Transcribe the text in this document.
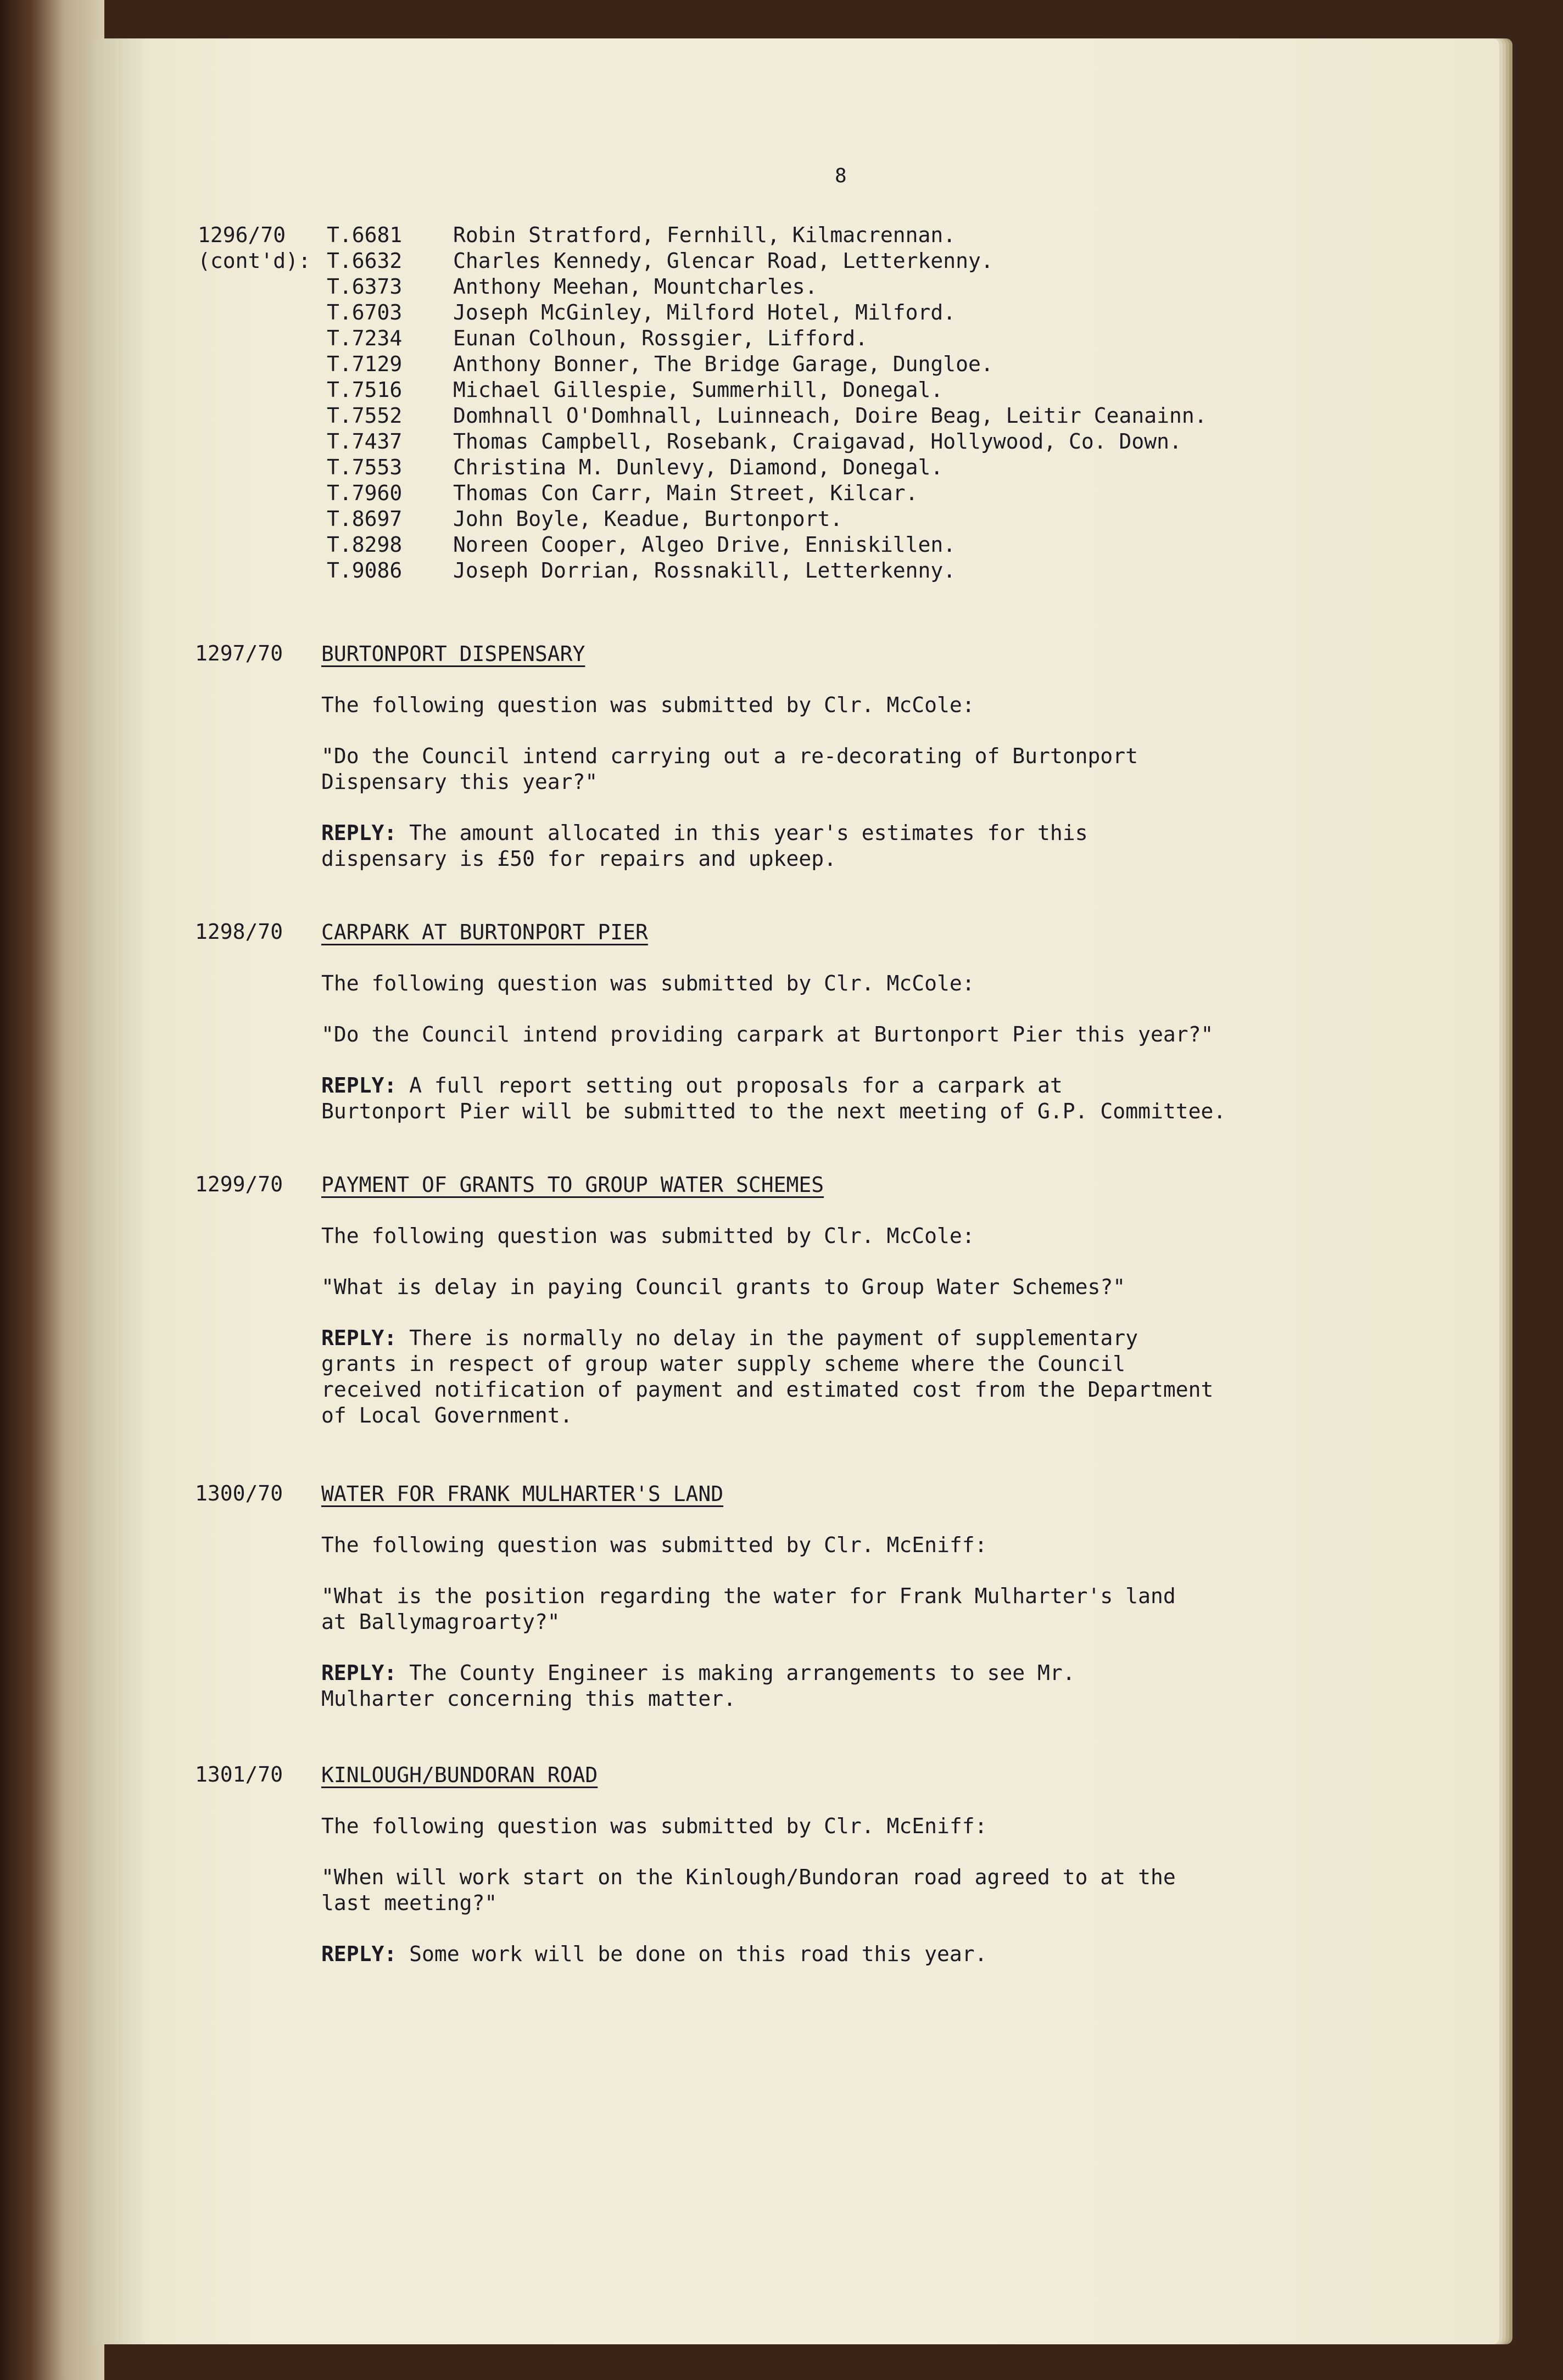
8
1296/70
(cont'd):
T.6681	Robin Stratford, Fernhill, Kilmacrennan.
T.6632	Charles Kennedy, Glencar Road, Letterkenny.
T.6373	Anthony Meehan, Mountcharles.
T.6703	Joseph McGinley, Milford Hotel, Milford.
T.7234	Eunan Colhoun, Rossgier, Lifford.
T.7129	Anthony Bonner, The Bridge Garage, Dungloe.
T.7516	Michael Gillespie, Summerhill, Donegal.
T.7552	Domhnall O'Domhnall, Luinneach, Doire Beag, Leitir Ceanainn.
T.7437	Thomas Campbell, Rosebank, Craigavad, Hollywood, Co. Down.
T.7553	Christina M. Dunlevy, Diamond, Donegal.
T.7960	Thomas Con Carr, Main Street, Kilcar.
T.8697	John Boyle, Keadue, Burtonport.
T.8298	Noreen Cooper, Algeo Drive, Enniskillen.
T.9086	Joseph Dorrian, Rossnakill, Letterkenny.
1297/70 BURTONPORT DISPENSARY
The following question was submitted by Clr. McCole:
"Do the Council intend carrying out a re-decorating of Burtonport
Dispensary this year?"
REPLY: The amount allocated in this year's estimates for this
dispensary is £50 for repairs and upkeep.
1298/70 CARPARK AT BURTONPORT PIER
The following question was submitted by Clr. McCole:
"Do the Council intend providing carpark at Burtonport Pier this year?"
REPLY: A full report setting out proposals for a carpark at
Burtonport Pier will be submitted to the next meeting of G.P. Committee.
1299/70 PAYMENT OF GRANTS TO GROUP WATER SCHEMES
The following question was submitted by Clr. McCole:
"What is delay in paying Council grants to Group Water Schemes?"
REPLY: There is normally no delay in the payment of supplementary
grants in respect of group water supply scheme where the Council
received notification of payment and estimated cost from the Department
of Local Government.
1300/70 WATER FOR FRANK MULHARTER'S LAND
The following question was submitted by Clr. McEniff:
"What is the position regarding the water for Frank Mulharter's land
at Ballymagroarty?"
REPLY: The County Engineer is making arrangements to see Mr.
Mulharter concerning this matter.
1301/70 KINLOUGH/BUNDORAN ROAD
The following question was submitted by Clr. McEniff:
"When will work start on the Kinlough/Bundoran road agreed to at the
last meeting?"
REPLY: Some work will be done on this road this year.
